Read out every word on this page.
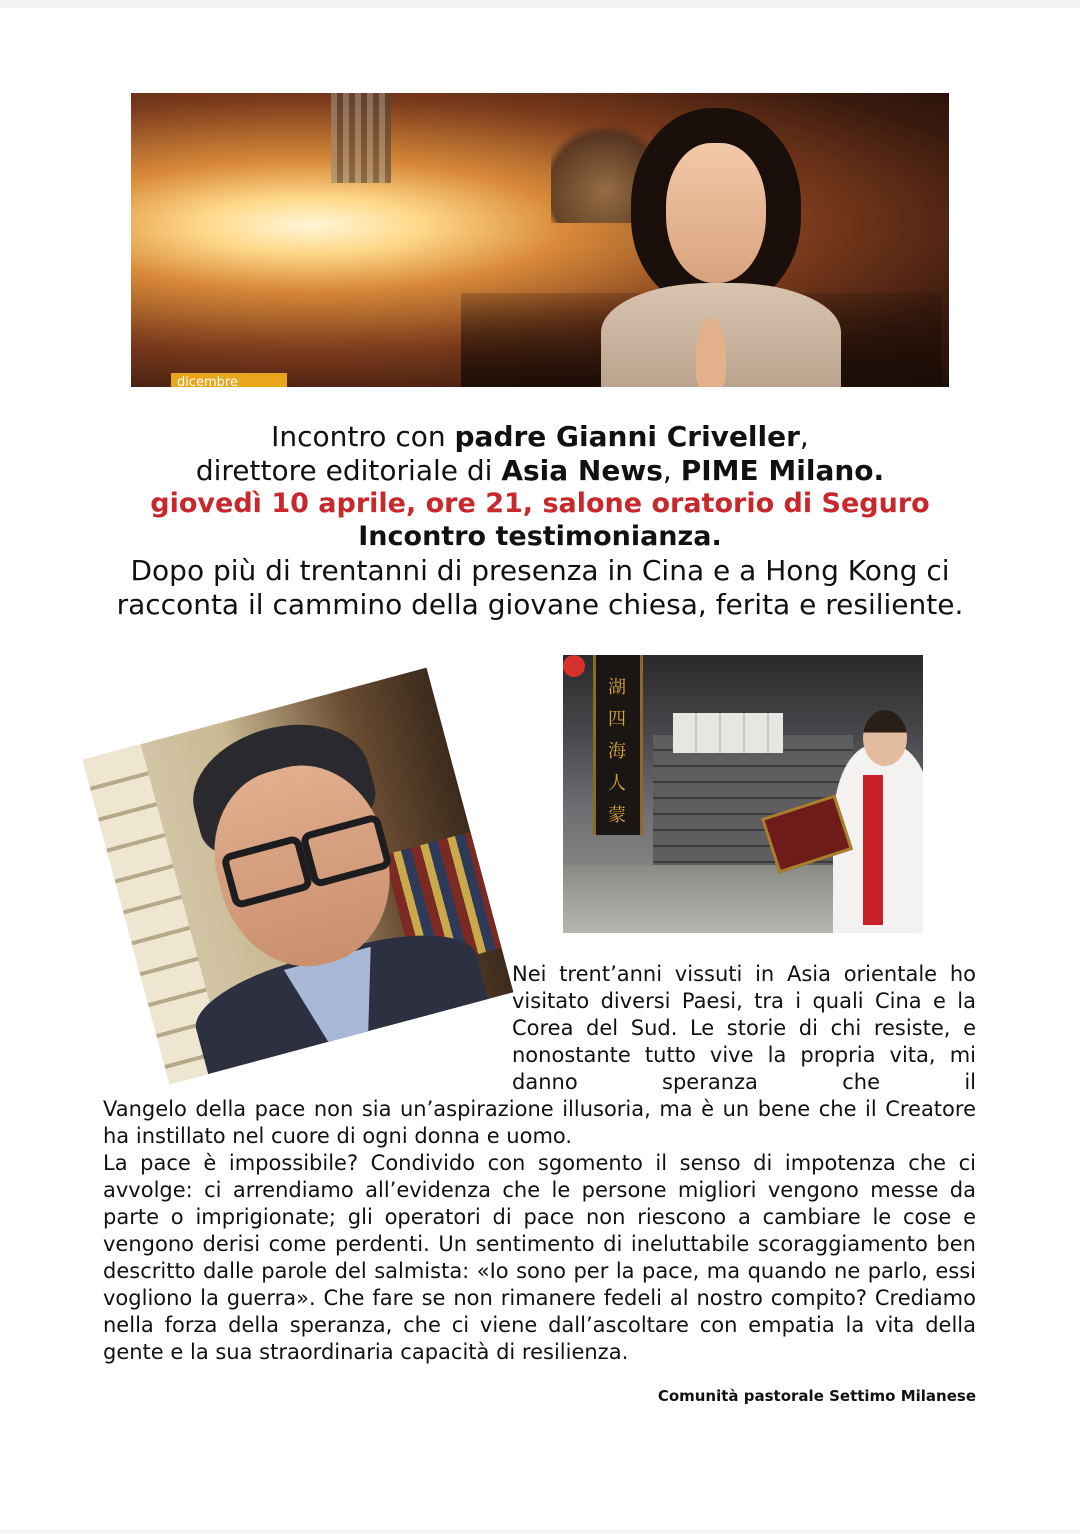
dicembre
Incontro con padre Gianni Criveller,
direttore editoriale di Asia News, PIME Milano.
giovedì 10 aprile, ore 21, salone oratorio di Seguro
Incontro testimonianza.
Dopo più di trentanni di presenza in Cina e a Hong Kong ci racconta il cammino della giovane chiesa, ferita e resiliente.
湖
四
海
人
蒙

Nei trent’anni vissuti in Asia orientale ho visitato diversi Paesi, tra i quali Cina e la Corea del Sud. Le storie di chi resiste, e nonostante tutto vive la propria vita, mi danno speranza che il

Vangelo della pace non sia un’aspirazione illusoria, ma è un bene che il Creatore ha instillato nel cuore di ogni donna e uomo.

La pace è impossibile? Condivido con sgomento il senso di impotenza che ci avvolge: ci arrendiamo all’evidenza che le persone migliori vengono messe da parte o imprigionate; gli operatori di pace non riescono a cambiare le cose e vengono derisi come perdenti. Un sentimento di ineluttabile scoraggiamento ben descritto dalle parole del salmista: «Io sono per la pace, ma quando ne parlo, essi vogliono la guerra». Che fare se non rimanere fedeli al nostro compito? Crediamo nella forza della speranza, che ci viene dall’ascoltare con empatia la vita della gente e la sua straordinaria capacità di resilienza.

Comunità pastorale Settimo Milanese
